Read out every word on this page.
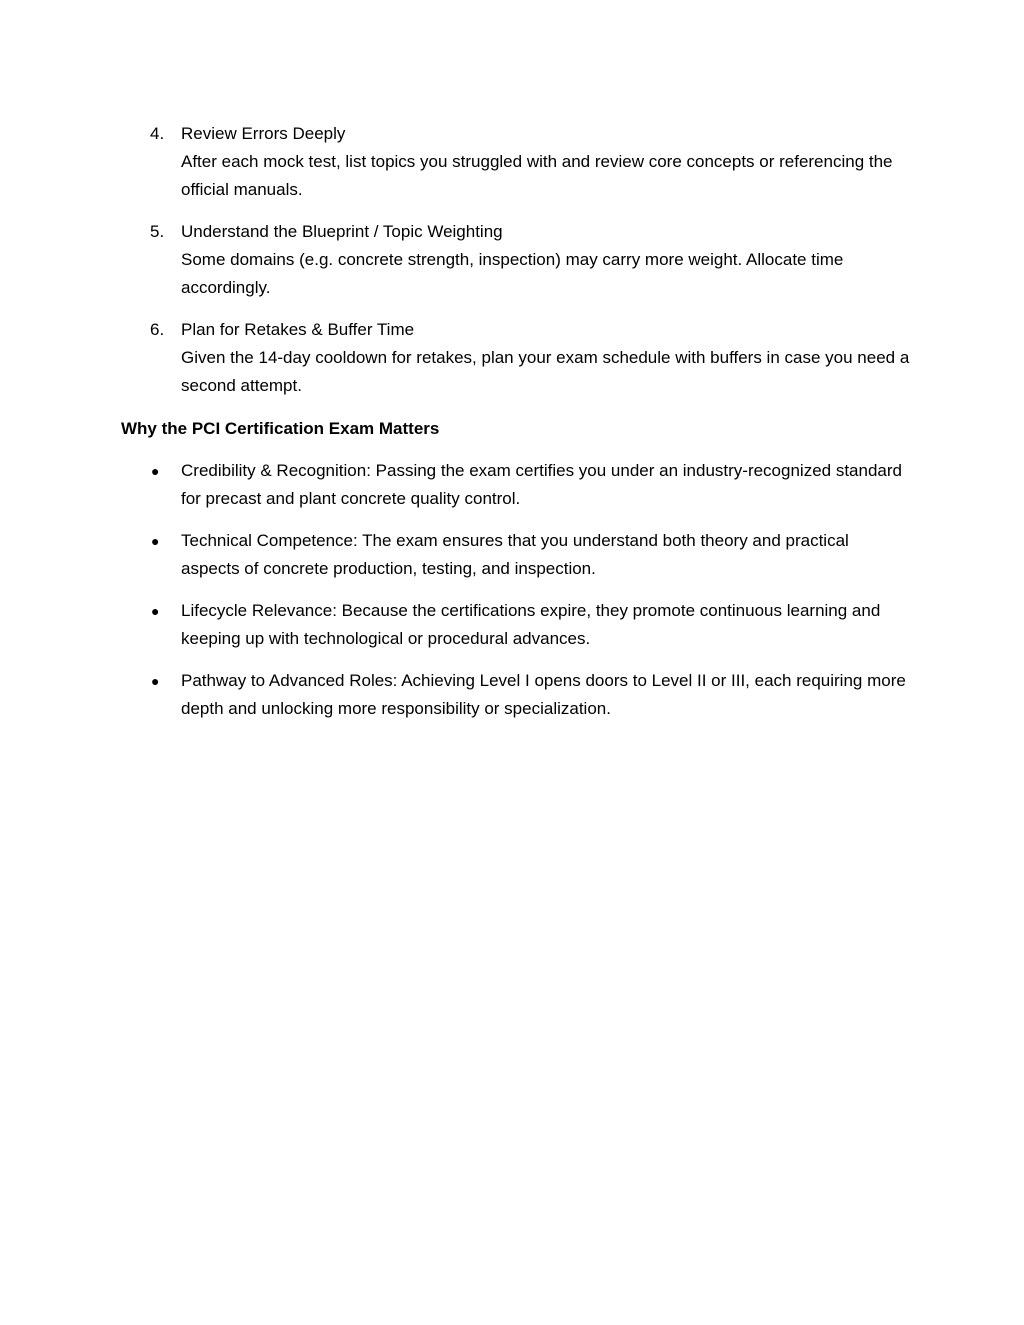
4. Review Errors Deeply
After each mock test, list topics you struggled with and review core concepts or referencing the official manuals.
5. Understand the Blueprint / Topic Weighting
Some domains (e.g. concrete strength, inspection) may carry more weight. Allocate time accordingly.
6. Plan for Retakes & Buffer Time
Given the 14-day cooldown for retakes, plan your exam schedule with buffers in case you need a second attempt.
Why the PCI Certification Exam Matters
● Credibility & Recognition: Passing the exam certifies you under an industry-recognized standard for precast and plant concrete quality control.
● Technical Competence: The exam ensures that you understand both theory and practical aspects of concrete production, testing, and inspection.
● Lifecycle Relevance: Because the certifications expire, they promote continuous learning and keeping up with technological or procedural advances.
● Pathway to Advanced Roles: Achieving Level I opens doors to Level II or III, each requiring more depth and unlocking more responsibility or specialization.
